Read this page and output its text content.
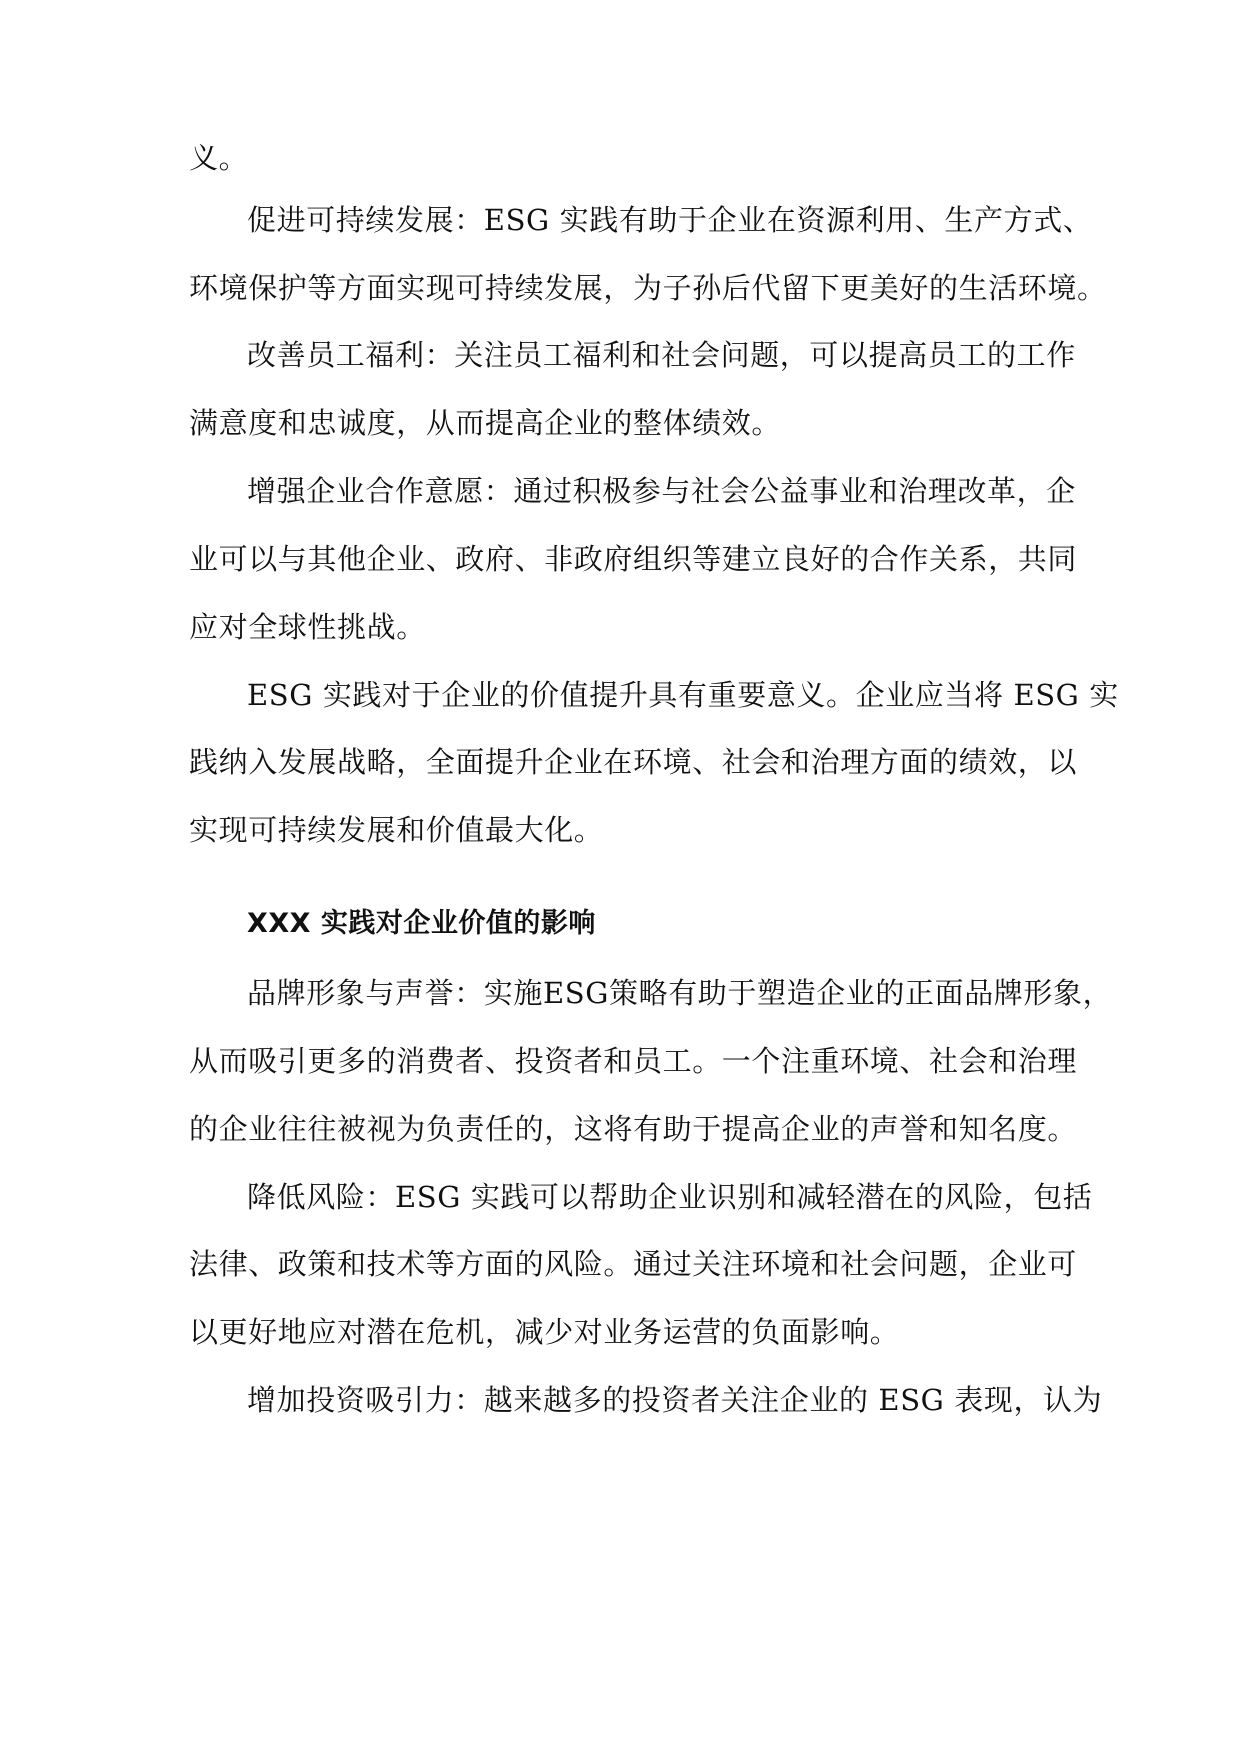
义。
促进可持续发展：ESG 实践有助于企业在资源利用、生产方式、
环境保护等方面实现可持续发展，为子孙后代留下更美好的生活环境。
改善员工福利：关注员工福利和社会问题，可以提高员工的工作
满意度和忠诚度，从而提高企业的整体绩效。
增强企业合作意愿：通过积极参与社会公益事业和治理改革，企
业可以与其他企业、政府、非政府组织等建立良好的合作关系，共同
应对全球性挑战。
ESG 实践对于企业的价值提升具有重要意义。企业应当将 ESG 实
践纳入发展战略，全面提升企业在环境、社会和治理方面的绩效，以
实现可持续发展和价值最大化。
XXX 实践对企业价值的影响
品牌形象与声誉：实施ESG策略有助于塑造企业的正面品牌形象，
从而吸引更多的消费者、投资者和员工。一个注重环境、社会和治理
的企业往往被视为负责任的，这将有助于提高企业的声誉和知名度。
降低风险：ESG 实践可以帮助企业识别和减轻潜在的风险，包括
法律、政策和技术等方面的风险。通过关注环境和社会问题，企业可
以更好地应对潜在危机，减少对业务运营的负面影响。
增加投资吸引力：越来越多的投资者关注企业的 ESG 表现，认为
